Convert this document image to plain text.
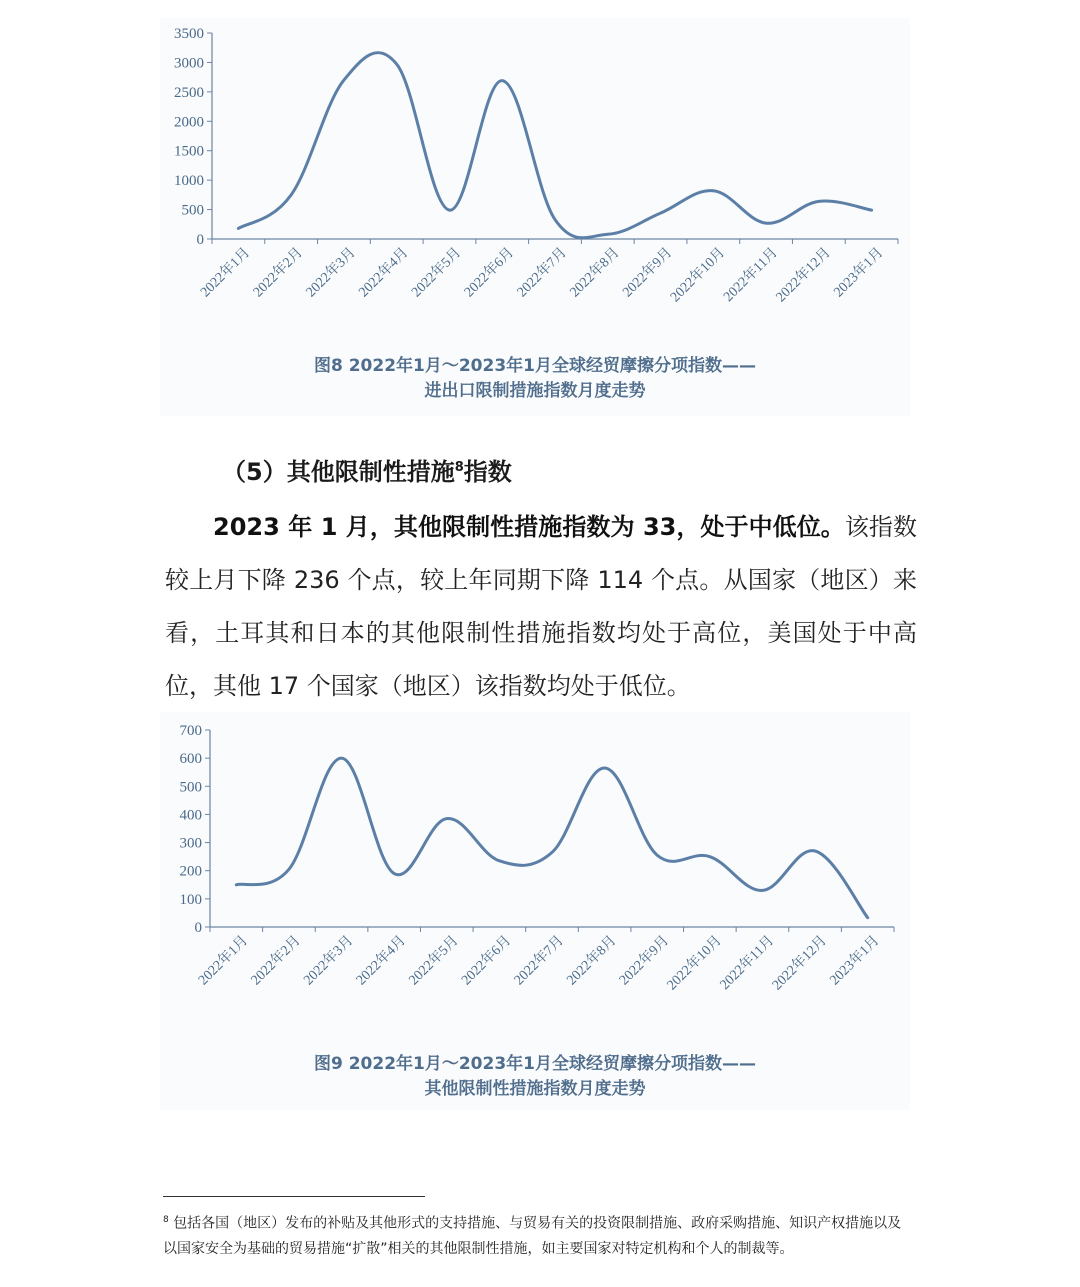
0
500
1000
1500
2000
2500
3000
3500
2022年1月
2022年2月
2022年3月
2022年4月
2022年5月
2022年6月
2022年7月
2022年8月
2022年9月
2022年10月
2022年11月
2022年12月
2023年1月
图8 2022年1月～2023年1月全球经贸摩擦分项指数——
进出口限制措施指数月度走势
（5）其他限制性措施$^8$指数

2023 年 1 月，其他限制性措施指数为 33，处于中低位。该指数较上月下降 236 个点，较上年同期下降 114 个点。从国家（地区）来看，土耳其和日本的其他限制性措施指数均处于高位，美国处于中高位，其他 17 个国家（地区）该指数均处于低位。

0
100
200
300
400
500
600
700
2022年1月
2022年2月
2022年3月
2022年4月
2022年5月
2022年6月
2022年7月
2022年8月
2022年9月
2022年10月
2022年11月
2022年12月
2023年1月
图9 2022年1月～2023年1月全球经贸摩擦分项指数——
其他限制性措施指数月度走势
$^8$ 包括各国（地区）发布的补贴及其他形式的支持措施、与贸易有关的投资限制措施、政府采购措施、知识产权措施以及以国家安全为基础的贸易措施“扩散”相关的其他限制性措施，如主要国家对特定机构和个人的制裁等。
